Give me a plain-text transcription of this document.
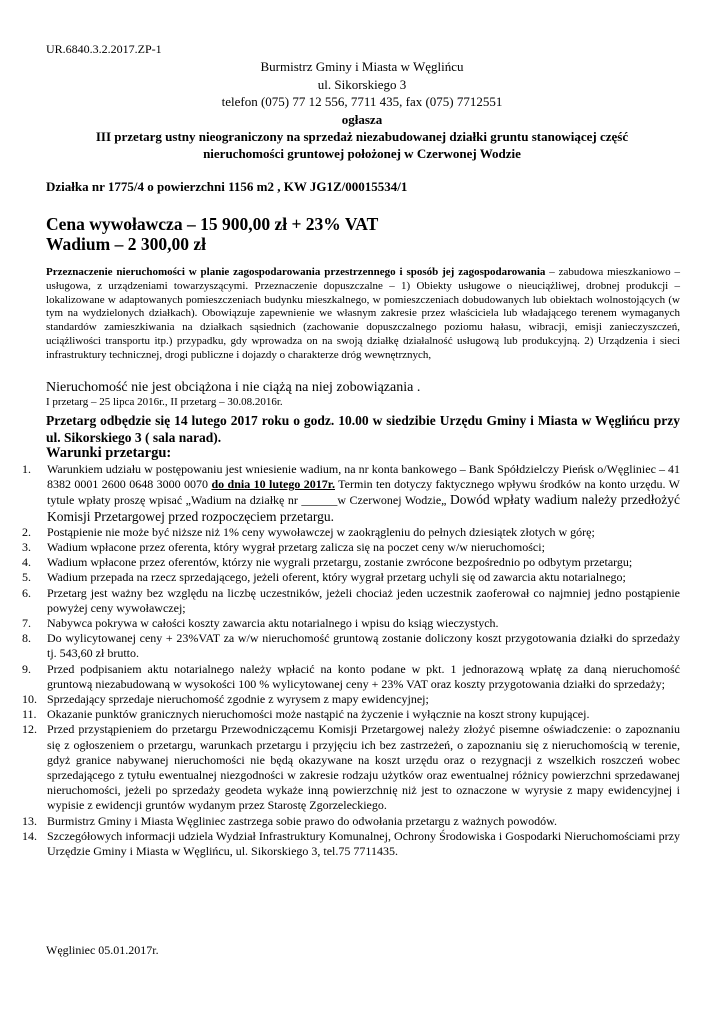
UR.6840.3.2.2017.ZP-1
Burmistrz Gminy i Miasta w Węglińcu
ul. Sikorskiego 3
telefon (075) 77 12 556, 7711 435, fax (075) 7712551
ogłasza
III przetarg ustny nieograniczony na sprzedaż niezabudowanej działki gruntu stanowiącej część
nieruchomości gruntowej położonej w Czerwonej Wodzie
Działka nr 1775/4 o powierzchni 1156 m2 , KW JG1Z/00015534/1
Cena wywoławcza – 15 900,00 zł + 23% VAT
Wadium – 2 300,00 zł
Przeznaczenie nieruchomości w planie zagospodarowania przestrzennego i sposób jej zagospodarowania – zabudowa mieszkaniowo – usługowa, z urządzeniami towarzyszącymi. Przeznaczenie dopuszczalne – 1) Obiekty usługowe o nieuciążliwej, drobnej produkcji – lokalizowane w adaptowanych pomieszczeniach budynku mieszkalnego, w pomieszczeniach dobudowanych lub obiektach wolnostojących (w tym na wydzielonych działkach). Obowiązuje zapewnienie we własnym zakresie przez właściciela lub władającego terenem wymaganych standardów zamieszkiwania na działkach sąsiednich (zachowanie dopuszczalnego poziomu hałasu, wibracji, emisji zanieczyszczeń, uciążliwości transportu itp.) przypadku, gdy wprowadza on na swoją działkę działalność usługową lub produkcyjną. 2) Urządzenia i sieci infrastruktury technicznej, drogi publiczne i dojazdy o charakterze dróg wewnętrznych,
Nieruchomość nie jest obciążona i nie ciążą na niej zobowiązania .
I przetarg – 25 lipca 2016r., II przetarg – 30.08.2016r.
Przetarg odbędzie się 14 lutego 2017 roku o godz. 10.00 w siedzibie Urzędu Gminy i Miasta w Węglińcu przy ul. Sikorskiego 3 ( sala narad).
Warunki przetargu:
1.	Warunkiem udziału w postępowaniu jest wniesienie wadium, na nr konta bankowego – Bank Spółdzielczy Pieńsk o/Węgliniec – 41 8382 0001 2600 0648 3000 0070 do dnia 10 lutego 2017r. Termin ten dotyczy faktycznego wpływu środków na konto urzędu. W tytule wpłaty proszę wpisać „Wadium na działkę nr ______w Czerwonej Wodzie„ Dowód wpłaty wadium należy przedłożyć Komisji Przetargowej przed rozpoczęciem przetargu.
2.	Postąpienie nie może być niższe niż 1% ceny wywoławczej w zaokrągleniu do pełnych dziesiątek złotych w górę;
3.	Wadium wpłacone przez oferenta, który wygrał przetarg zalicza się na poczet ceny w/w nieruchomości;
4.	Wadium wpłacone przez oferentów, którzy nie wygrali przetargu, zostanie zwrócone bezpośrednio po odbytym przetargu;
5.	Wadium przepada na rzecz sprzedającego, jeżeli oferent, który wygrał przetarg uchyli się od zawarcia aktu notarialnego;
6.	Przetarg jest ważny bez względu na liczbę uczestników, jeżeli chociaż jeden uczestnik zaoferował co najmniej jedno postąpienie powyżej ceny wywoławczej;
7.	Nabywca pokrywa w całości koszty zawarcia aktu notarialnego i wpisu do ksiąg wieczystych.
8.	Do wylicytowanej ceny + 23%VAT za w/w nieruchomość gruntową zostanie doliczony koszt przygotowania działki do sprzedaży tj. 543,60 zł brutto.
9.	Przed podpisaniem aktu notarialnego należy wpłacić na konto podane w pkt. 1 jednorazową wpłatę za daną nieruchomość gruntową niezabudowaną w wysokości 100 % wylicytowanej ceny + 23% VAT oraz koszty przygotowania działki do sprzedaży;
10. Sprzedający sprzedaje nieruchomość zgodnie z wyrysem z mapy ewidencyjnej;
11. Okazanie punktów granicznych nieruchomości może nastąpić na życzenie i wyłącznie na koszt strony kupującej.
12. Przed przystąpieniem do przetargu Przewodniczącemu Komisji Przetargowej należy złożyć pisemne oświadczenie: o zapoznaniu się z ogłoszeniem o przetargu, warunkach przetargu i przyjęciu ich bez zastrzeżeń, o zapoznaniu się z nieruchomością w terenie, gdyż granice nabywanej nieruchomości nie będą okazywane na koszt urzędu oraz o rezygnacji z wszelkich roszczeń wobec sprzedającego z tytułu ewentualnej niezgodności w zakresie rodzaju użytków oraz ewentualnej różnicy powierzchni sprzedawanej nieruchomości, jeżeli po sprzedaży geodeta wykaże inną powierzchnię niż jest to oznaczone w wyrysie z mapy ewidencyjnej i wypisie z ewidencji gruntów wydanym przez Starostę Zgorzeleckiego.
13. Burmistrz Gminy i Miasta Węgliniec zastrzega sobie prawo do odwołania przetargu z ważnych powodów.
14. Szczegółowych informacji udziela Wydział Infrastruktury Komunalnej, Ochrony Środowiska i Gospodarki Nieruchomościami przy Urzędzie Gminy i Miasta w Węglińcu, ul. Sikorskiego 3, tel.75 7711435.
Węgliniec 05.01.2017r.
